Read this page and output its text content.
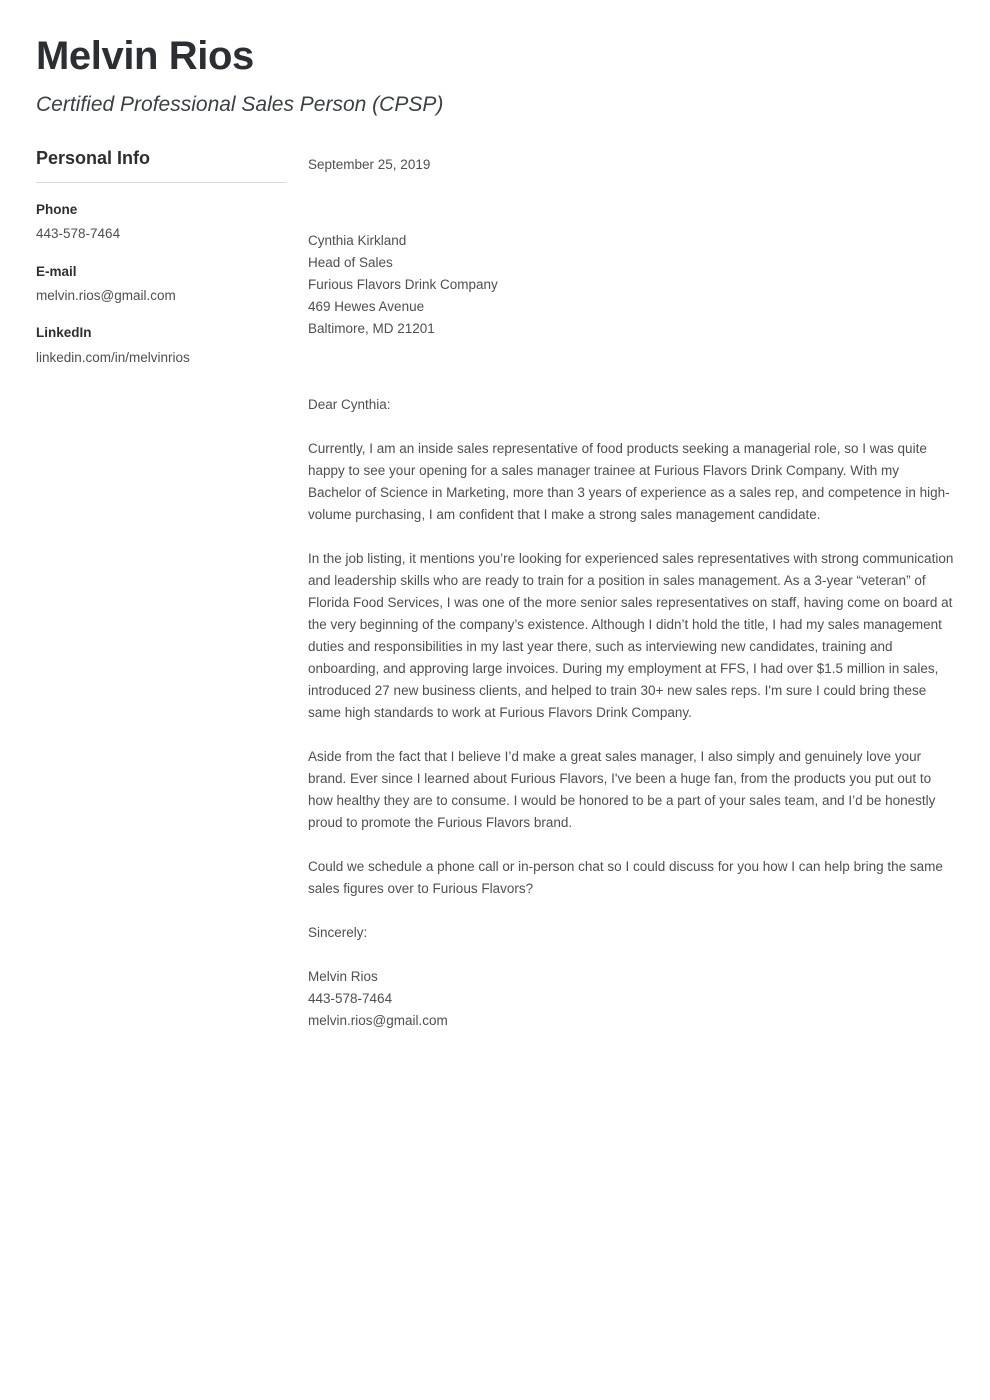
Melvin Rios
Certified Professional Sales Person (CPSP)
Personal Info
Phone
443-578-7464
E-mail
melvin.rios@gmail.com
LinkedIn
linkedin.com/in/melvinrios
September 25, 2019
Cynthia Kirkland
Head of Sales
Furious Flavors Drink Company
469 Hewes Avenue
Baltimore, MD 21201
Dear Cynthia:

Currently, I am an inside sales representative of food products seeking a managerial role, so I was quite happy to see your opening for a sales manager trainee at Furious Flavors Drink Company. With my Bachelor of Science in Marketing, more than 3 years of experience as a sales rep, and competence in high-volume purchasing, I am confident that I make a strong sales management candidate.

In the job listing, it mentions you’re looking for experienced sales representatives with strong communication and leadership skills who are ready to train for a position in sales management. As a 3-year “veteran” of Florida Food Services, I was one of the more senior sales representatives on staff, having come on board at the very beginning of the company’s existence. Although I didn’t hold the title, I had my sales management duties and responsibilities in my last year there, such as interviewing new candidates, training and onboarding, and approving large invoices. During my employment at FFS, I had over $1.5 million in sales, introduced 27 new business clients, and helped to train 30+ new sales reps. I'm sure I could bring these same high standards to work at Furious Flavors Drink Company.

Aside from the fact that I believe I’d make a great sales manager, I also simply and genuinely love your brand. Ever since I learned about Furious Flavors, I've been a huge fan, from the products you put out to how healthy they are to consume. I would be honored to be a part of your sales team, and I’d be honestly proud to promote the Furious Flavors brand.

Could we schedule a phone call or in-person chat so I could discuss for you how I can help bring the same sales figures over to Furious Flavors?

Sincerely:
Melvin Rios
443-578-7464
melvin.rios@gmail.com
